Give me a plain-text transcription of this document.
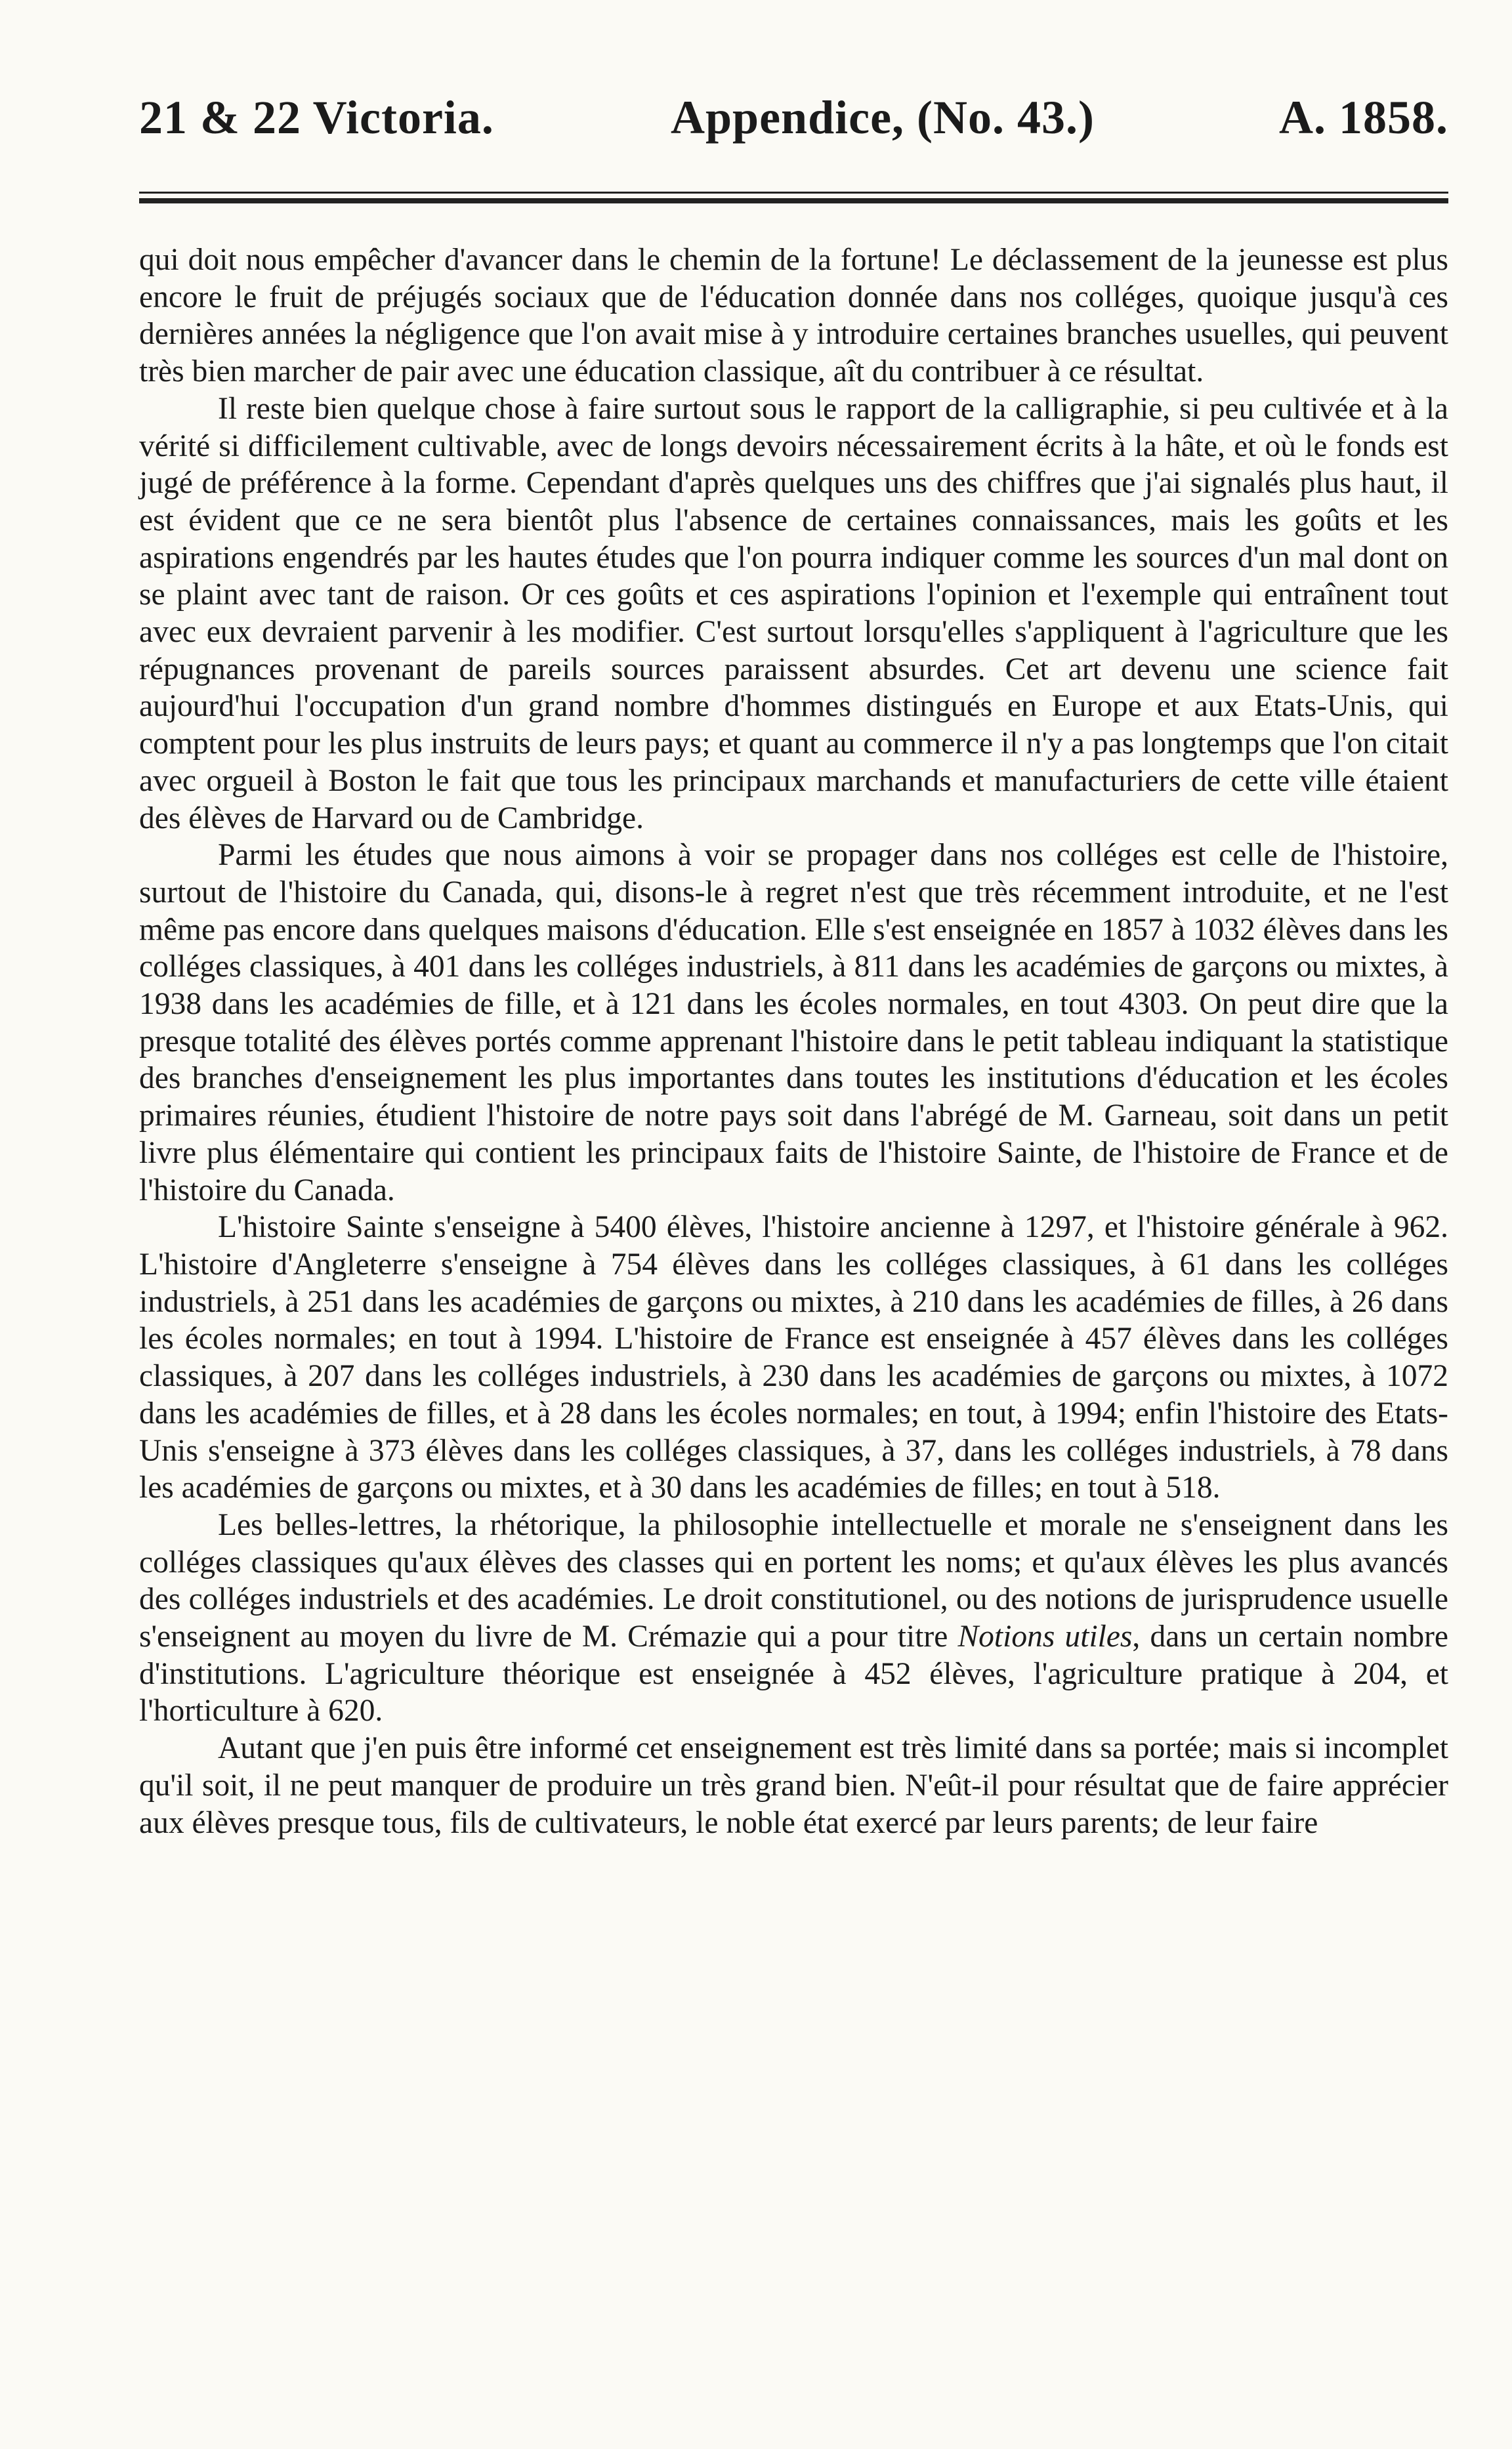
21 & 22 Victoria.	Appendice, (No. 43.)	A. 1858.

qui doit nous empêcher d'avancer dans le chemin de la fortune! Le déclassement de la jeunesse est plus encore le fruit de préjugés sociaux que de l'éducation donnée dans nos colléges, quoique jusqu'à ces dernières années la négligence que l'on avait mise à y introduire certaines branches usuelles, qui peuvent très bien marcher de pair avec une éducation classique, aît du contribuer à ce résultat.

Il reste bien quelque chose à faire surtout sous le rapport de la calligraphie, si peu cultivée et à la vérité si difficilement cultivable, avec de longs devoirs nécessairement écrits à la hâte, et où le fonds est jugé de préférence à la forme. Cependant d'après quelques uns des chiffres que j'ai signalés plus haut, il est évident que ce ne sera bientôt plus l'absence de certaines connaissances, mais les goûts et les aspirations engendrés par les hautes études que l'on pourra indiquer comme les sources d'un mal dont on se plaint avec tant de raison. Or ces goûts et ces aspirations l'opinion et l'exemple qui entraînent tout avec eux devraient parvenir à les modifier. C'est surtout lorsqu'elles s'appliquent à l'agriculture que les répugnances provenant de pareils sources paraissent absurdes. Cet art devenu une science fait aujourd'hui l'occupation d'un grand nombre d'hommes distingués en Europe et aux Etats-Unis, qui comptent pour les plus instruits de leurs pays; et quant au commerce il n'y a pas longtemps que l'on citait avec orgueil à Boston le fait que tous les principaux marchands et manufacturiers de cette ville étaient des élèves de Harvard ou de Cambridge.

Parmi les études que nous aimons à voir se propager dans nos colléges est celle de l'histoire, surtout de l'histoire du Canada, qui, disons-le à regret n'est que très récemment introduite, et ne l'est même pas encore dans quelques maisons d'éducation. Elle s'est enseignée en 1857 à 1032 élèves dans les colléges classiques, à 401 dans les colléges industriels, à 811 dans les académies de garçons ou mixtes, à 1938 dans les académies de fille, et à 121 dans les écoles normales, en tout 4303. On peut dire que la presque totalité des élèves portés comme apprenant l'histoire dans le petit tableau indiquant la statistique des branches d'enseignement les plus importantes dans toutes les institutions d'éducation et les écoles primaires réunies, étudient l'histoire de notre pays soit dans l'abrégé de M. Garneau, soit dans un petit livre plus élémentaire qui contient les principaux faits de l'histoire Sainte, de l'histoire de France et de l'histoire du Canada.

L'histoire Sainte s'enseigne à 5400 élèves, l'histoire ancienne à 1297, et l'histoire générale à 962. L'histoire d'Angleterre s'enseigne à 754 élèves dans les colléges classiques, à 61 dans les colléges industriels, à 251 dans les académies de garçons ou mixtes, à 210 dans les académies de filles, à 26 dans les écoles normales; en tout à 1994. L'histoire de France est enseignée à 457 élèves dans les colléges classiques, à 207 dans les colléges industriels, à 230 dans les académies de garçons ou mixtes, à 1072 dans les académies de filles, et à 28 dans les écoles normales; en tout, à 1994; enfin l'histoire des Etats-Unis s'enseigne à 373 élèves dans les colléges classiques, à 37, dans les colléges industriels, à 78 dans les académies de garçons ou mixtes, et à 30 dans les académies de filles; en tout à 518.

Les belles-lettres, la rhétorique, la philosophie intellectuelle et morale ne s'enseignent dans les colléges classiques qu'aux élèves des classes qui en portent les noms; et qu'aux élèves les plus avancés des colléges industriels et des académies. Le droit constitutionel, ou des notions de jurisprudence usuelle s'enseignent au moyen du livre de M. Crémazie qui a pour titre Notions utiles, dans un certain nombre d'institutions. L'agriculture théorique est enseignée à 452 élèves, l'agriculture pratique à 204, et l'horticulture à 620.

Autant que j'en puis être informé cet enseignement est très limité dans sa portée; mais si incomplet qu'il soit, il ne peut manquer de produire un très grand bien. N'eût-il pour résultat que de faire apprécier aux élèves presque tous, fils de cultivateurs, le noble état exercé par leurs parents; de leur faire
